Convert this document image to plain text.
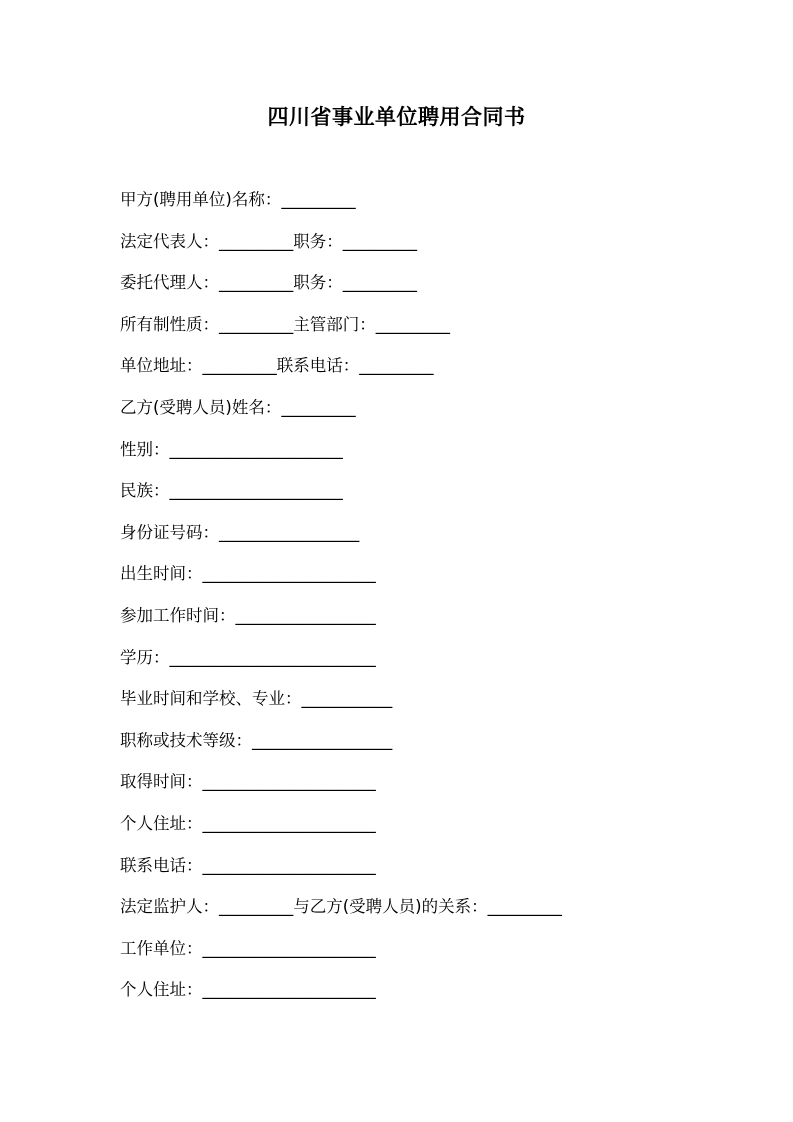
四川省事业单位聘用合同书
甲方(聘用单位)名称：_________
法定代表人：_________职务：_________
委托代理人：_________职务：_________
所有制性质：_________主管部门：_________
单位地址：_________联系电话：_________
乙方(受聘人员)姓名：_________
性别：_____________________
民族：_____________________
身份证号码：_________________
出生时间：_____________________
参加工作时间：_________________
学历：_________________________
毕业时间和学校、专业：___________
职称或技术等级：_________________
取得时间：_____________________
个人住址：_____________________
联系电话：_____________________
法定监护人：_________与乙方(受聘人员)的关系：_________
工作单位：_____________________
个人住址：_____________________
